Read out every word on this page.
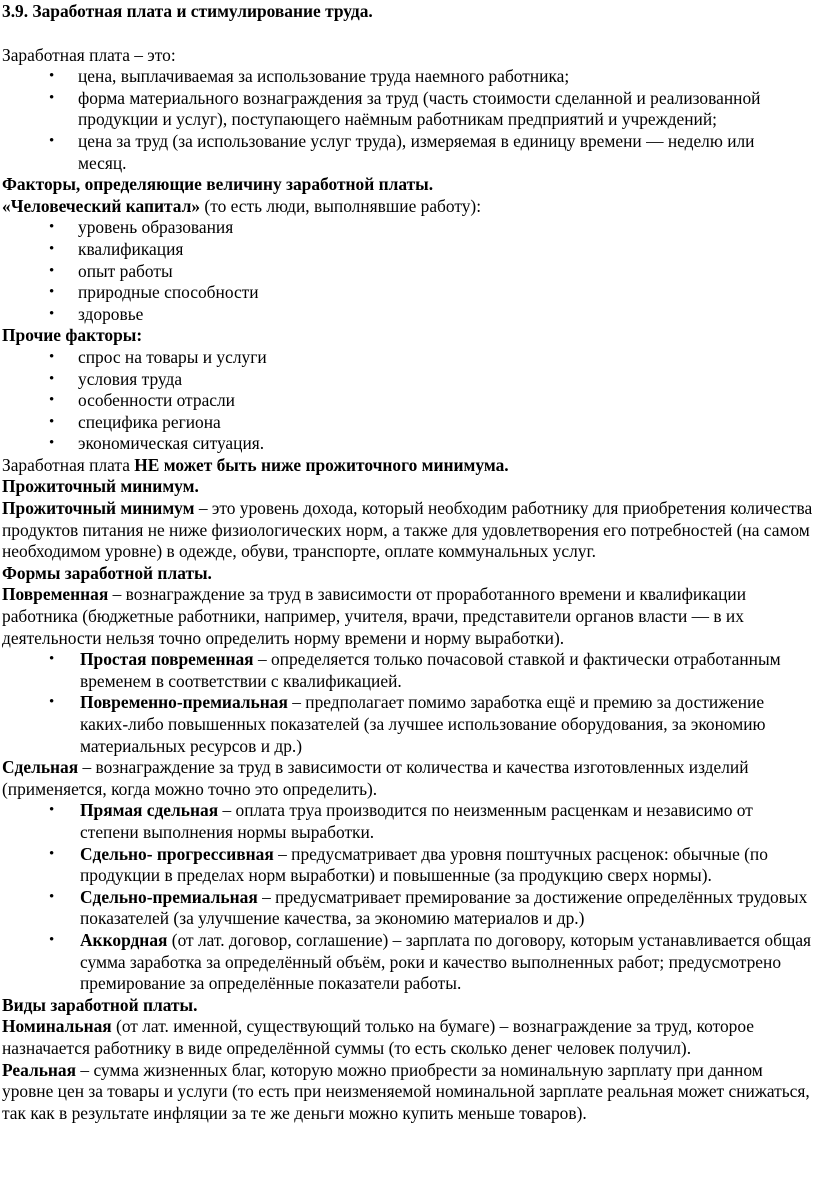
3.9. Заработная плата и стимулирование труда.

Заработная плата – это:

• цена, выплачиваемая за использование труда наемного работника;
• форма материального вознаграждения за труд (часть стоимости сделанной и реализованной продукции и услуг), поступающего наёмным работникам предприятий и учреждений;
• цена за труд (за использование услуг труда), измеряемая в единицу времени — неделю или месяц.

Факторы, определяющие величину заработной платы.

«Человеческий капитал» (то есть люди, выполнявшие работу):

• уровень образования
• квалификация
• опыт работы
• природные способности
• здоровье

Прочие факторы:

• спрос на товары и услуги
• условия труда
• особенности отрасли
• специфика региона
• экономическая ситуация.

Заработная плата НЕ может быть ниже прожиточного минимума.

Прожиточный минимум.

Прожиточный минимум – это уровень дохода, который необходим работнику для приобретения количества продуктов питания не ниже физиологических норм, а также для удовлетворения его потребностей (на самом необходимом уровне) в одежде, обуви, транспорте, оплате коммунальных услуг.

Формы заработной платы.

Повременная – вознаграждение за труд в зависимости от проработанного времени и квалификации работника (бюджетные работники, например, учителя, врачи, представители органов власти — в их деятельности нельзя точно определить норму времени и норму выработки).

• Простая повременная – определяется только почасовой ставкой и фактически отработанным временем в соответствии с квалификацией.
• Повременно-премиальная – предполагает помимо заработка ещё и премию за достижение каких-либо повышенных показателей (за лучшее использование оборудования, за экономию материальных ресурсов и др.)

Сдельная – вознаграждение за труд в зависимости от количества и качества изготовленных изделий (применяется, когда можно точно это определить).

• Прямая сдельная – оплата труа производится по неизменным расценкам и независимо от степени выполнения нормы выработки.
• Сдельно- прогрессивная – предусматривает два уровня поштучных расценок: обычные (по продукции в пределах норм выработки) и повышенные (за продукцию сверх нормы).
• Сдельно-премиальная – предусматривает премирование за достижение определённых трудовых показателей (за улучшение качества, за экономию материалов и др.)
• Аккордная (от лат. договор, соглашение) – зарплата по договору, которым устанавливается общая сумма заработка за определённый объём, роки и качество выполненных работ; предусмотрено премирование за определённые показатели работы.

Виды заработной платы.

Номинальная (от лат. именной, существующий только на бумаге) – вознаграждение за труд, которое назначается работнику в виде определённой суммы (то есть сколько денег человек получил).

Реальная – сумма жизненных благ, которую можно приобрести за номинальную зарплату при данном уровне цен за товары и услуги (то есть при неизменяемой номинальной зарплате реальная может снижаться, так как в результате инфляции за те же деньги можно купить меньше товаров).
